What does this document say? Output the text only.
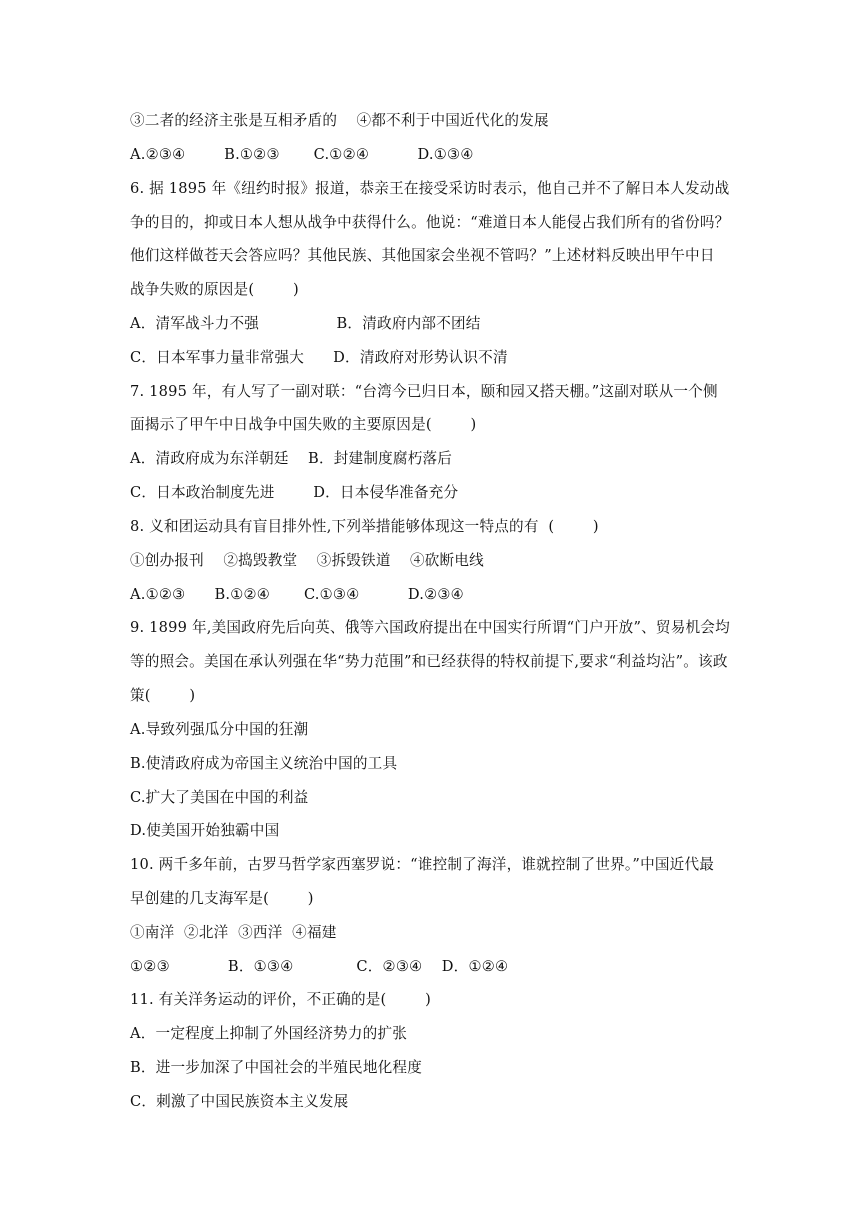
③二者的经济主张是互相矛盾的    ④都不利于中国近代化的发展
A.②③④        B.①②③       C.①②④          D.①③④
6. 据 1895 年《纽约时报》报道，恭亲王在接受采访时表示，他自己并不了解日本人发动战
争的目的，抑或日本人想从战争中获得什么。他说：“难道日本人能侵占我们所有的省份吗？
他们这样做苍天会答应吗？其他民族、其他国家会坐视不管吗？”上述材料反映出甲午中日
战争失败的原因是(        )
A．清军战斗力不强                B．清政府内部不团结
C．日本军事力量非常强大      D．清政府对形势认识不清
7. 1895 年，有人写了一副对联：“台湾今已归日本，颐和园又搭天棚。”这副对联从一个侧
面揭示了甲午中日战争中国失败的主要原因是(        )
A．清政府成为东洋朝廷    B．封建制度腐朽落后
C．日本政治制度先进        D．日本侵华准备充分
8. 义和团运动具有盲目排外性,下列举措能够体现这一特点的有  (        )
①创办报刊    ②捣毁教堂    ③拆毁铁道    ④砍断电线
A.①②③      B.①②④       C.①③④          D.②③④
9. 1899 年,美国政府先后向英、俄等六国政府提出在中国实行所谓“门户开放”、贸易机会均
等的照会。美国在承认列强在华“势力范围”和已经获得的特权前提下,要求“利益均沾”。该政
策(        )
A.导致列强瓜分中国的狂潮
B.使清政府成为帝国主义统治中国的工具
C.扩大了美国在中国的利益
D.使美国开始独霸中国
10. 两千多年前，古罗马哲学家西塞罗说：“谁控制了海洋，谁就控制了世界。”中国近代最
早创建的几支海军是(        )
①南洋  ②北洋  ③西洋  ④福建
①②③            B．①③④             C．②③④    D．①②④
11. 有关洋务运动的评价，不正确的是(        )
A．一定程度上抑制了外国经济势力的扩张
B．进一步加深了中国社会的半殖民地化程度
C．刺激了中国民族资本主义发展
